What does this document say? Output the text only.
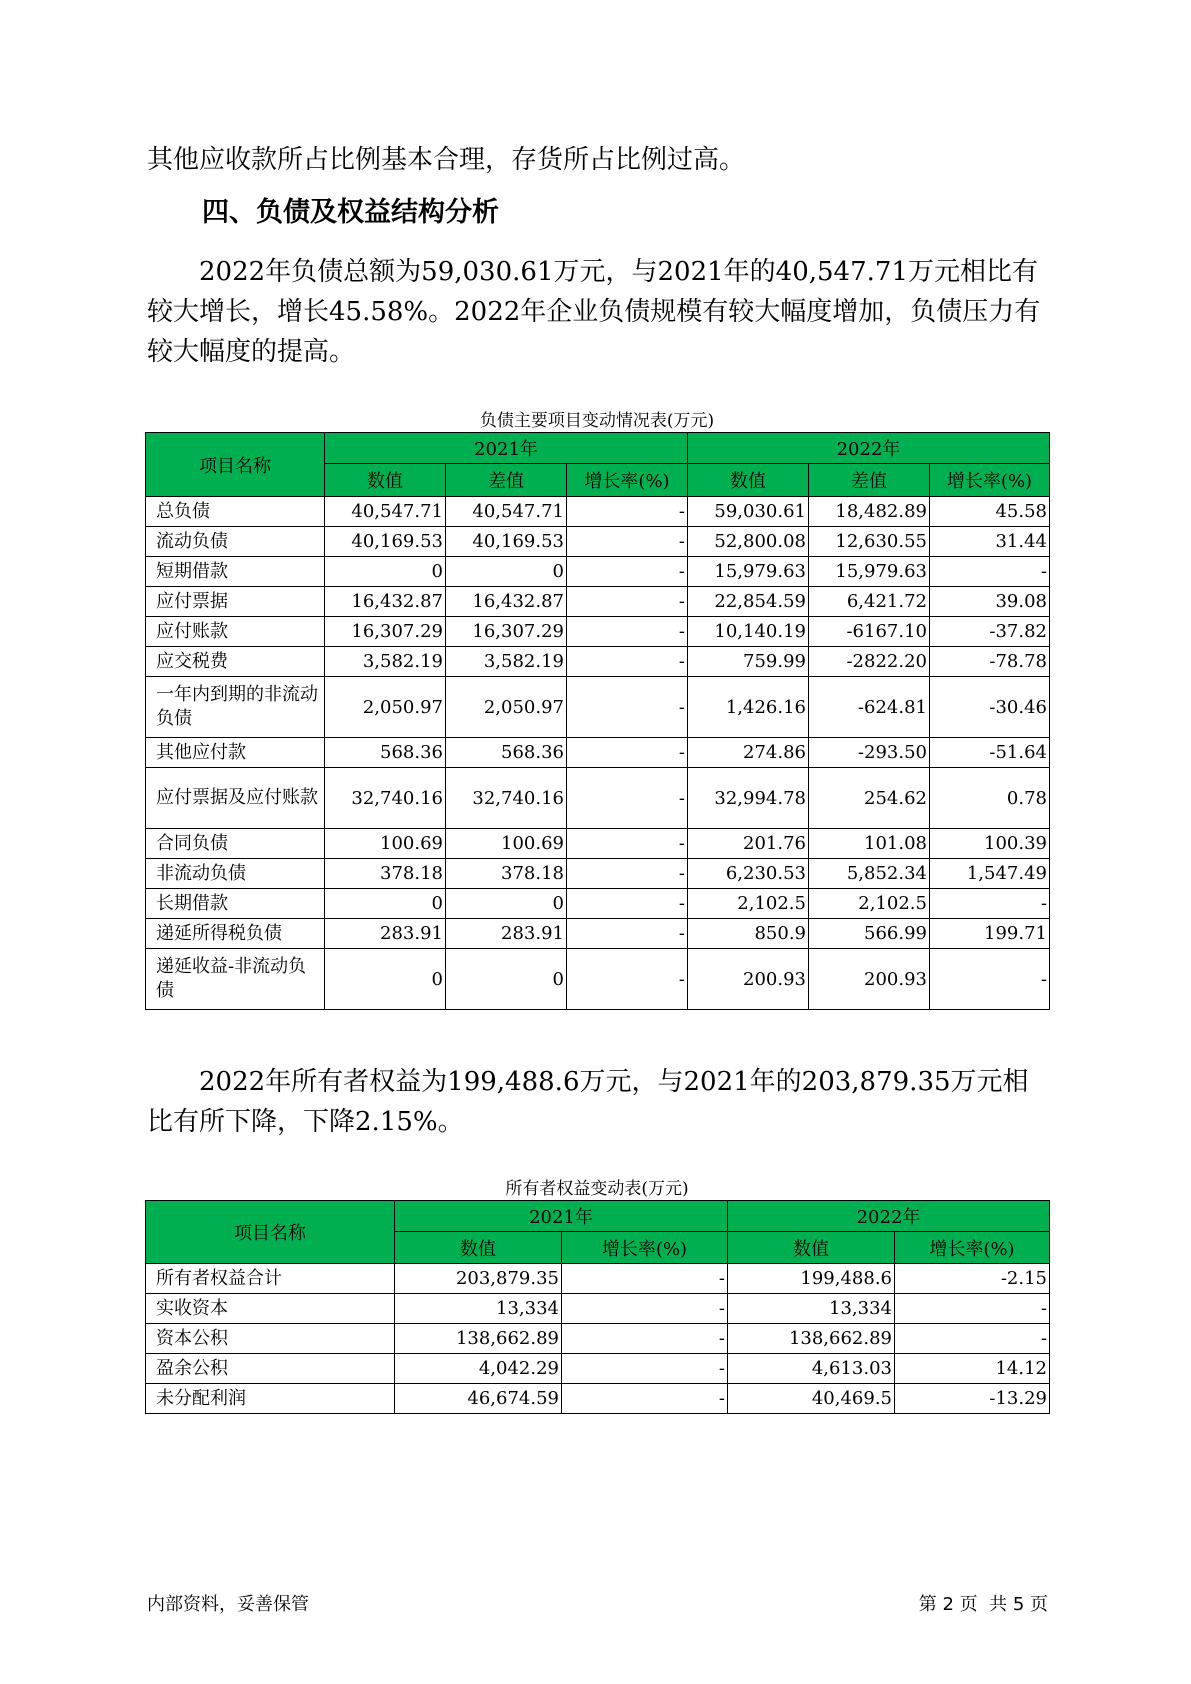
其他应收款所占比例基本合理，存货所占比例过高。

四、负债及权益结构分析

2022年负债总额为59,030.61万元，与2021年的40,547.71万元相比有较大增长，增长45.58%。2022年企业负债规模有较大幅度增加，负债压力有较大幅度的提高。

负债主要项目变动情况表(万元)
项目名称	2021年			2022年		
	数值	差值	增长率(%)	数值	差值	增长率(%)
总负债	40,547.71	40,547.71	-	59,030.61	18,482.89	45.58
流动负债	40,169.53	40,169.53	-	52,800.08	12,630.55	31.44
短期借款	0	0	-	15,979.63	15,979.63	-
应付票据	16,432.87	16,432.87	-	22,854.59	6,421.72	39.08
应付账款	16,307.29	16,307.29	-	10,140.19	-6167.10	-37.82
应交税费	3,582.19	3,582.19	-	759.99	-2822.20	-78.78
一年内到期的非流动负债	2,050.97	2,050.97	-	1,426.16	-624.81	-30.46
其他应付款	568.36	568.36	-	274.86	-293.50	-51.64
应付票据及应付账款	32,740.16	32,740.16	-	32,994.78	254.62	0.78
合同负债	100.69	100.69	-	201.76	101.08	100.39
非流动负债	378.18	378.18	-	6,230.53	5,852.34	1,547.49
长期借款	0	0	-	2,102.5	2,102.5	-
递延所得税负债	283.91	283.91	-	850.9	566.99	199.71
递延收益-非流动负债	0	0	-	200.93	200.93	-

2022年所有者权益为199,488.6万元，与2021年的203,879.35万元相比有所下降，下降2.15%。

所有者权益变动表(万元)
项目名称	2021年		2022年	
	数值	增长率(%)	数值	增长率(%)
所有者权益合计	203,879.35	-	199,488.6	-2.15
实收资本	13,334	-	13,334	-
资本公积	138,662.89	-	138,662.89	-
盈余公积	4,042.29	-	4,613.03	14.12
未分配利润	46,674.59	-	40,469.5	-13.29
内部资料，妥善保管	第 2 页  共 5 页
